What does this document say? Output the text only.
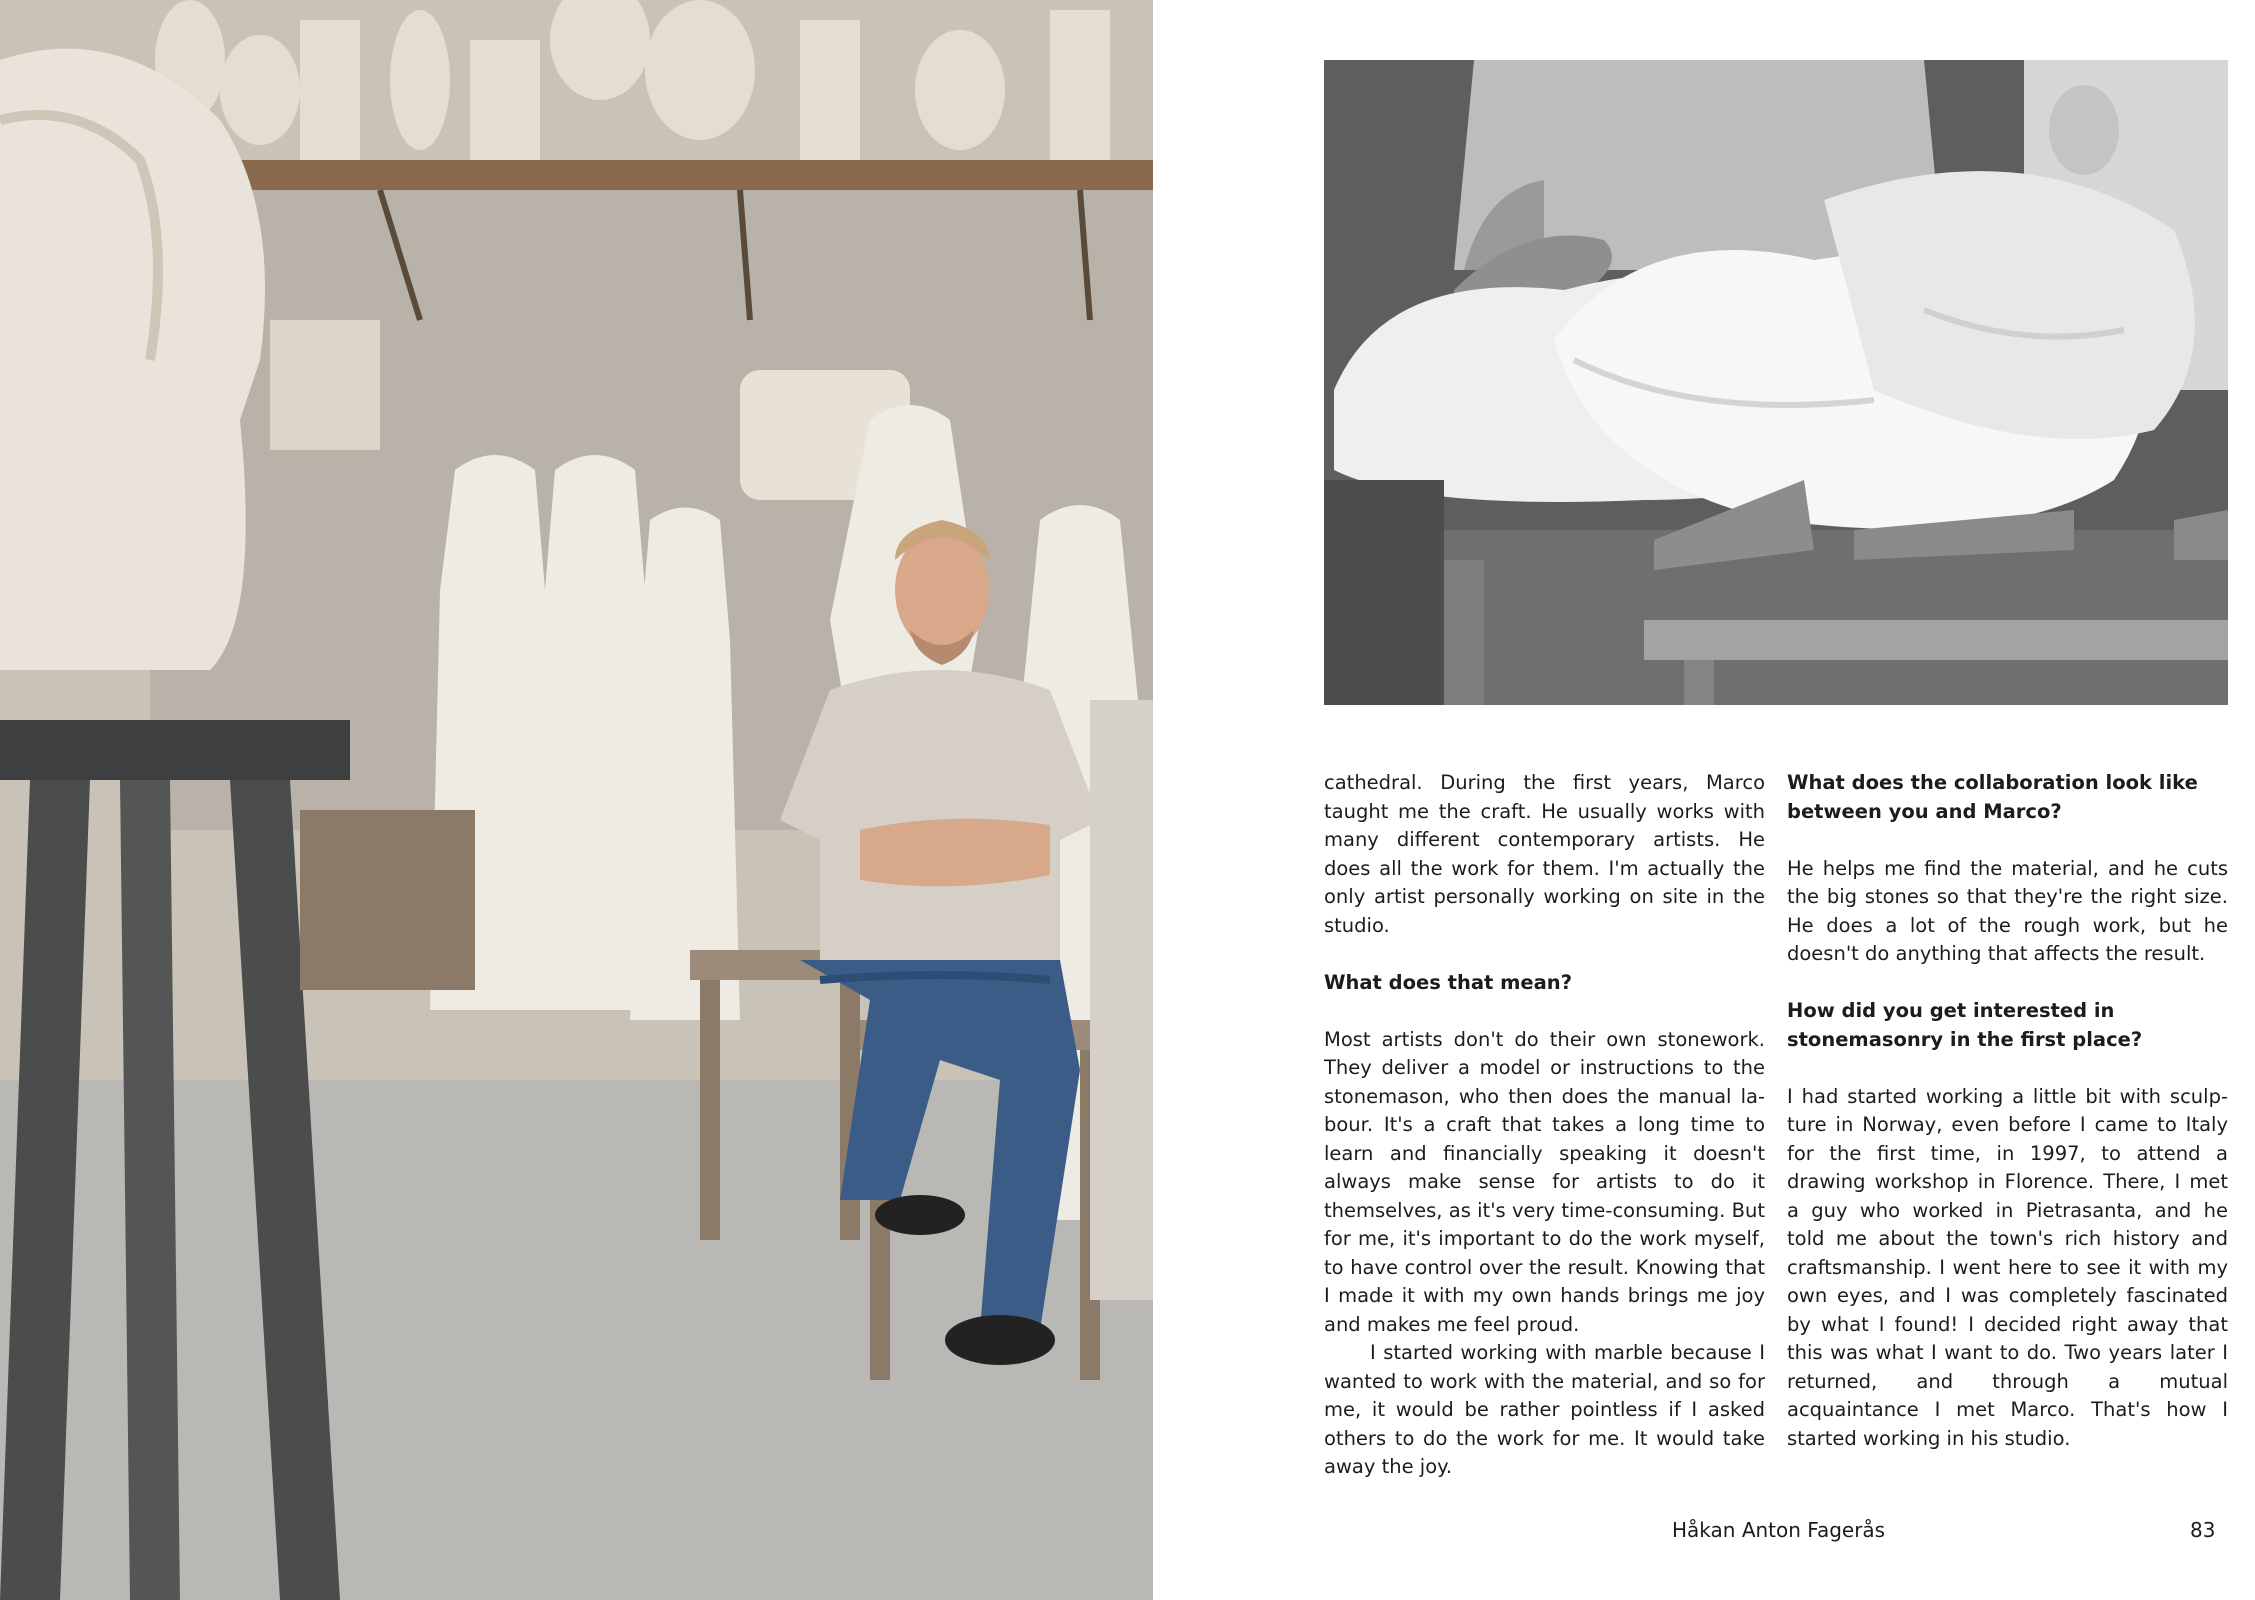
cathedral. During the first years, Marco taught me the craft. He usually works with many different contemporary artists. He does all the work for them. I'm actually the only artist personally working on site in the studio.

What does that mean?

Most artists don't do their own stonework. They deliver a model or instructions to the stonemason, who then does the manual labour. It's a craft that takes a long time to learn and financially speaking it doesn't always make sense for artists to do it themselves, as it's very time-consuming. But for me, it's important to do the work myself, to have control over the result. Knowing that I made it with my own hands brings me joy and makes me feel proud.

I started working with marble because I wanted to work with the material, and so for me, it would be rather pointless if I asked others to do the work for me. It would take away the joy.

What does the collaboration look like between you and Marco?

He helps me find the material, and he cuts the big stones so that they're the right size. He does a lot of the rough work, but he doesn't do anything that affects the result.

How did you get interested in stonemasonry in the first place?

I had started working a little bit with sculpture in Norway, even before I came to Italy for the first time, in 1997, to attend a drawing workshop in Florence. There, I met a guy who worked in Pietrasanta, and he told me about the town's rich history and craftsmanship. I went here to see it with my own eyes, and I was completely fascinated by what I found! I decided right away that this was what I want to do. Two years later I returned, and through a mutual acquaintance I met Marco. That's how I started working in his studio.

Håkan Anton Fagerås	83
